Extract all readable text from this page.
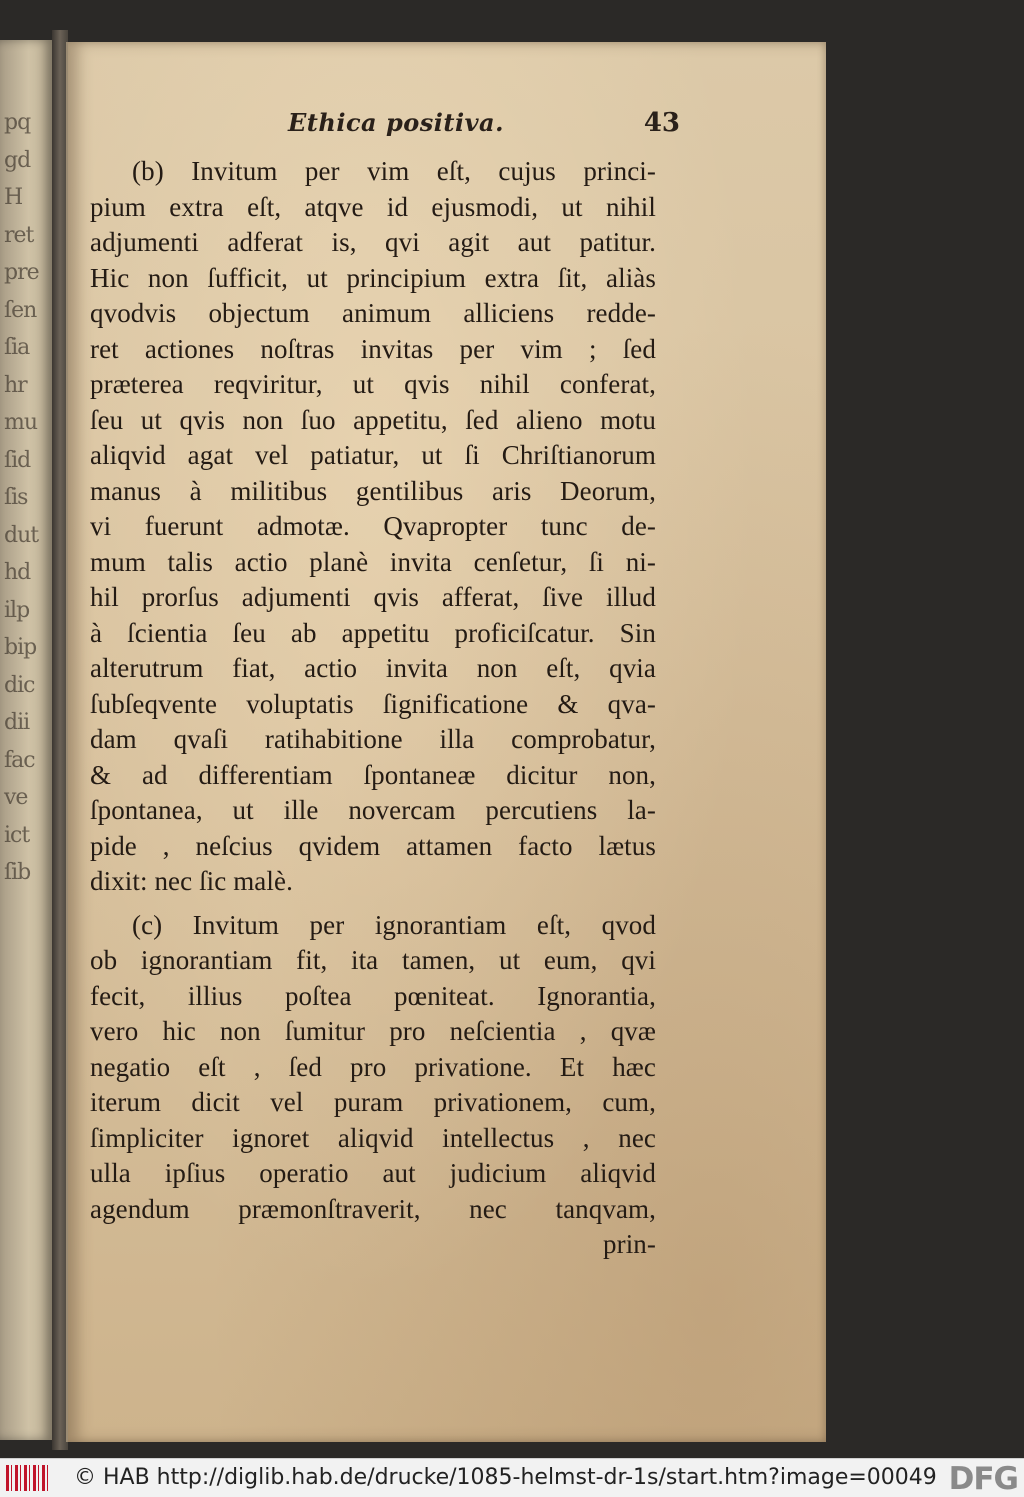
pq
gd
H
ret
pre
ſen
ſia
hr
mu
ſid
ſis
dut
hd
ilp
bip
dic
dii
fac
ve
ict
ſib
Ethica positiva.	43
(b) Invitum per vim eſt, cujus princi-
pium extra eſt, atqve id ejusmodi, ut nihil
adjumenti adferat is, qvi agit aut patitur.
Hic non ſufficit, ut principium extra ſit, aliàs
qvodvis objectum animum alliciens redde-
ret actiones noſtras invitas per vim ; ſed
præterea reqviritur, ut qvis nihil conferat,
ſeu ut qvis non ſuo appetitu, ſed alieno motu
aliqvid agat vel patiatur, ut ſi Chriſtianorum
manus à militibus gentilibus aris Deorum,
vi fuerunt admotæ. Qvapropter tunc de-
mum talis actio planè invita cenſetur, ſi ni-
hil prorſus adjumenti qvis afferat, ſive illud
à ſcientia ſeu ab appetitu proficiſcatur. Sin
alterutrum fiat, actio invita non eſt, qvia
ſubſeqvente voluptatis ſignificatione & qva-
dam qvaſi ratihabitione illa comprobatur,
& ad differentiam ſpontaneæ dicitur non,
ſpontanea, ut ille novercam percutiens la-
pide , neſcius qvidem attamen facto lætus
dixit: nec ſic malè.
(c) Invitum per ignorantiam eſt, qvod
ob ignorantiam fit, ita tamen, ut eum, qvi
fecit, illius poſtea pœniteat. Ignorantia,
vero hic non ſumitur pro neſcientia , qvæ
negatio eſt , ſed pro privatione. Et hæc
iterum dicit vel puram privationem, cum,
ſimpliciter ignoret aliqvid intellectus , nec
ulla ipſius operatio aut judicium aliqvid
agendum præmonſtraverit, nec tanqvam,
prin-
© HAB http://diglib.hab.de/drucke/1085-helmst-dr-1s/start.htm?image=00049 DFG
